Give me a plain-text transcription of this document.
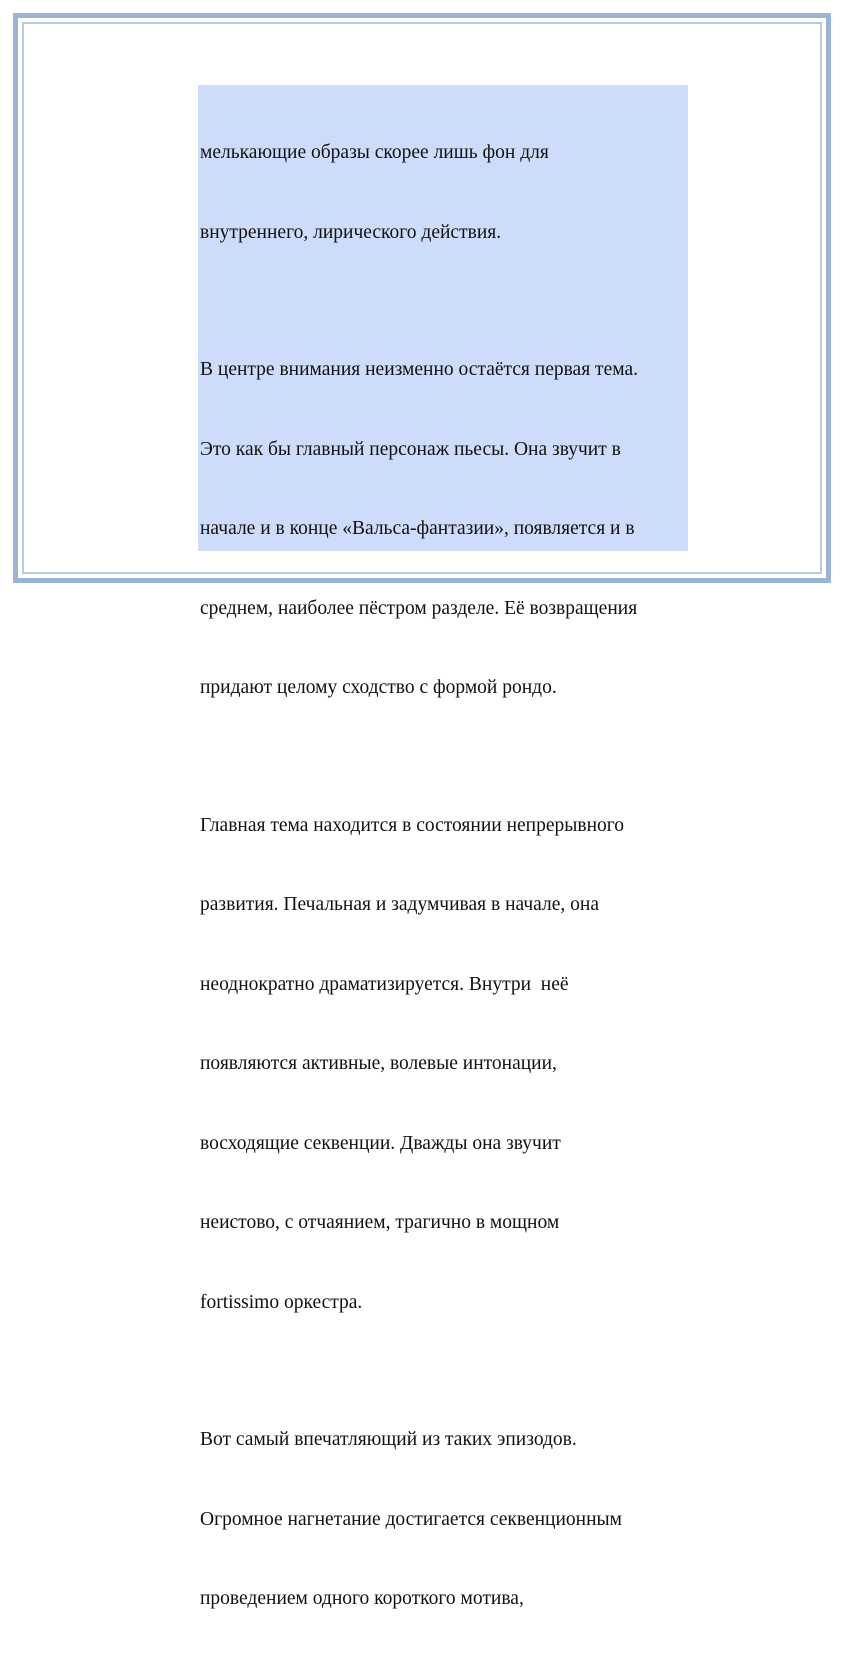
мелькающие образы скорее лишь фон для

внутреннего, лирического действия.

В центре внимания неизменно остаётся первая тема.

Это как бы главный персонаж пьесы. Она звучит в

начале и в конце «Вальса-фантазии», появляется и в

среднем, наиболее пёстром разделе. Её возвращения

придают целому сходство с формой рондо.

Главная тема находится в состоянии непрерывного

развития. Печальная и задумчивая в начале, она

неоднократно драматизируется. Внутри  неё

появляются активные, волевые интонации,

восходящие секвенции. Дважды она звучит

неистово, с отчаянием, трагично в мощном

fortissimo оркестра.

Вот самый впечатляющий из таких эпизодов.

Огромное нагнетание достигается секвенционным

проведением одного короткого мотива,
